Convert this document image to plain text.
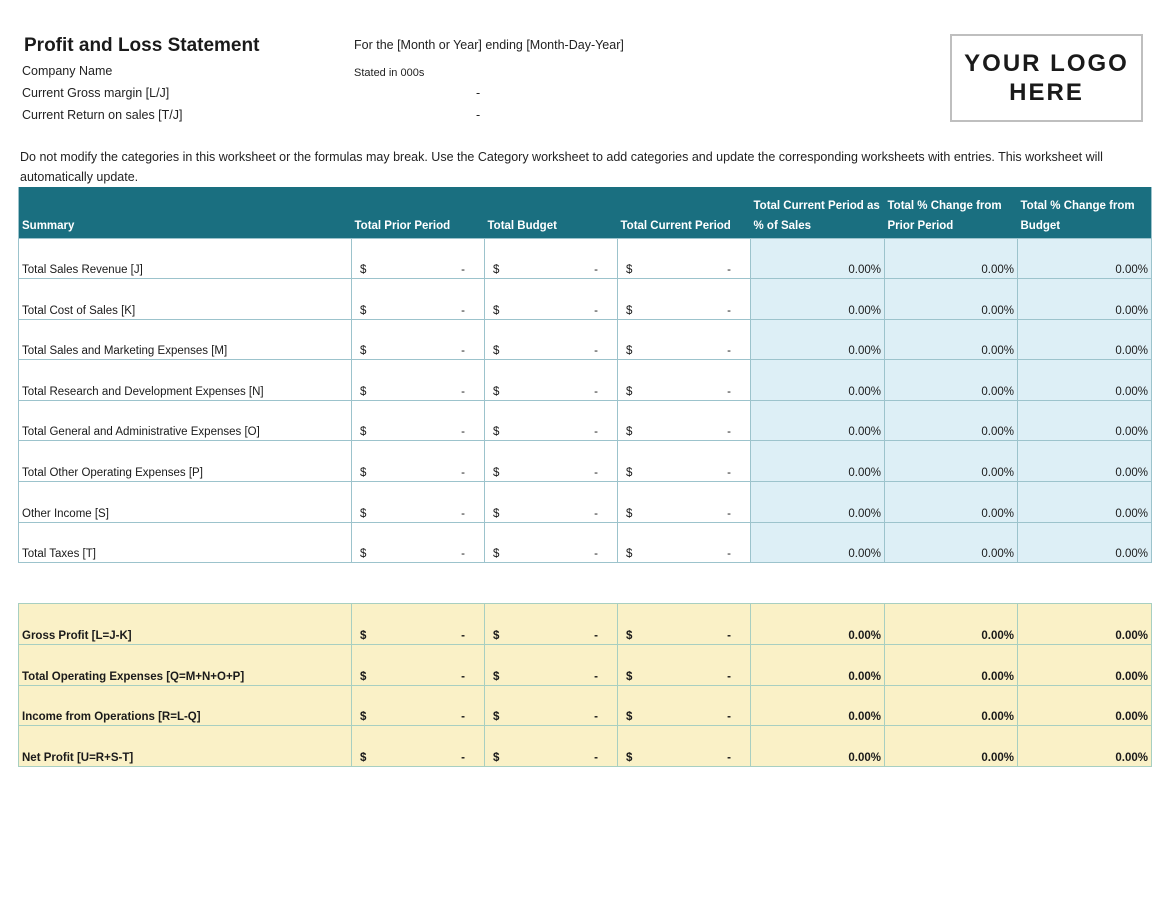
Profit and Loss Statement
Company Name
Current Gross margin [L/J]	-
Current Return on sales [T/J]	-
For the [Month or Year] ending [Month-Day-Year]
Stated in 000s	YOUR LOGO
HERE
Do not modify the categories in this worksheet or the formulas may break. Use the Category worksheet to add categories and update the corresponding worksheets with entries. This worksheet will automatically update.
Summary	Total Prior Period	Total Budget	Total Current Period	Total Current Period as % of Sales	Total % Change from Prior Period	Total % Change from Budget
Total Sales Revenue [J]	$ -	$ -	$ -	0.00%	0.00%	0.00%
Total Cost of Sales [K]	$ -	$ -	$ -	0.00%	0.00%	0.00%
Total Sales and Marketing Expenses [M]	$ -	$ -	$ -	0.00%	0.00%	0.00%
Total Research and Development Expenses [N]	$ -	$ -	$ -	0.00%	0.00%	0.00%
Total General and Administrative Expenses [O]	$ -	$ -	$ -	0.00%	0.00%	0.00%
Total Other Operating Expenses [P]	$ -	$ -	$ -	0.00%	0.00%	0.00%
Other Income [S]	$ -	$ -	$ -	0.00%	0.00%	0.00%
Total Taxes [T]	$ -	$ -	$ -	0.00%	0.00%	0.00%
Gross Profit [L=J-K]	$ -	$ -	$ -	0.00%	0.00%	0.00%
Total Operating Expenses [Q=M+N+O+P]	$ -	$ -	$ -	0.00%	0.00%	0.00%
Income from Operations [R=L-Q]	$ -	$ -	$ -	0.00%	0.00%	0.00%
Net Profit [U=R+S-T]	$ -	$ -	$ -	0.00%	0.00%	0.00%
